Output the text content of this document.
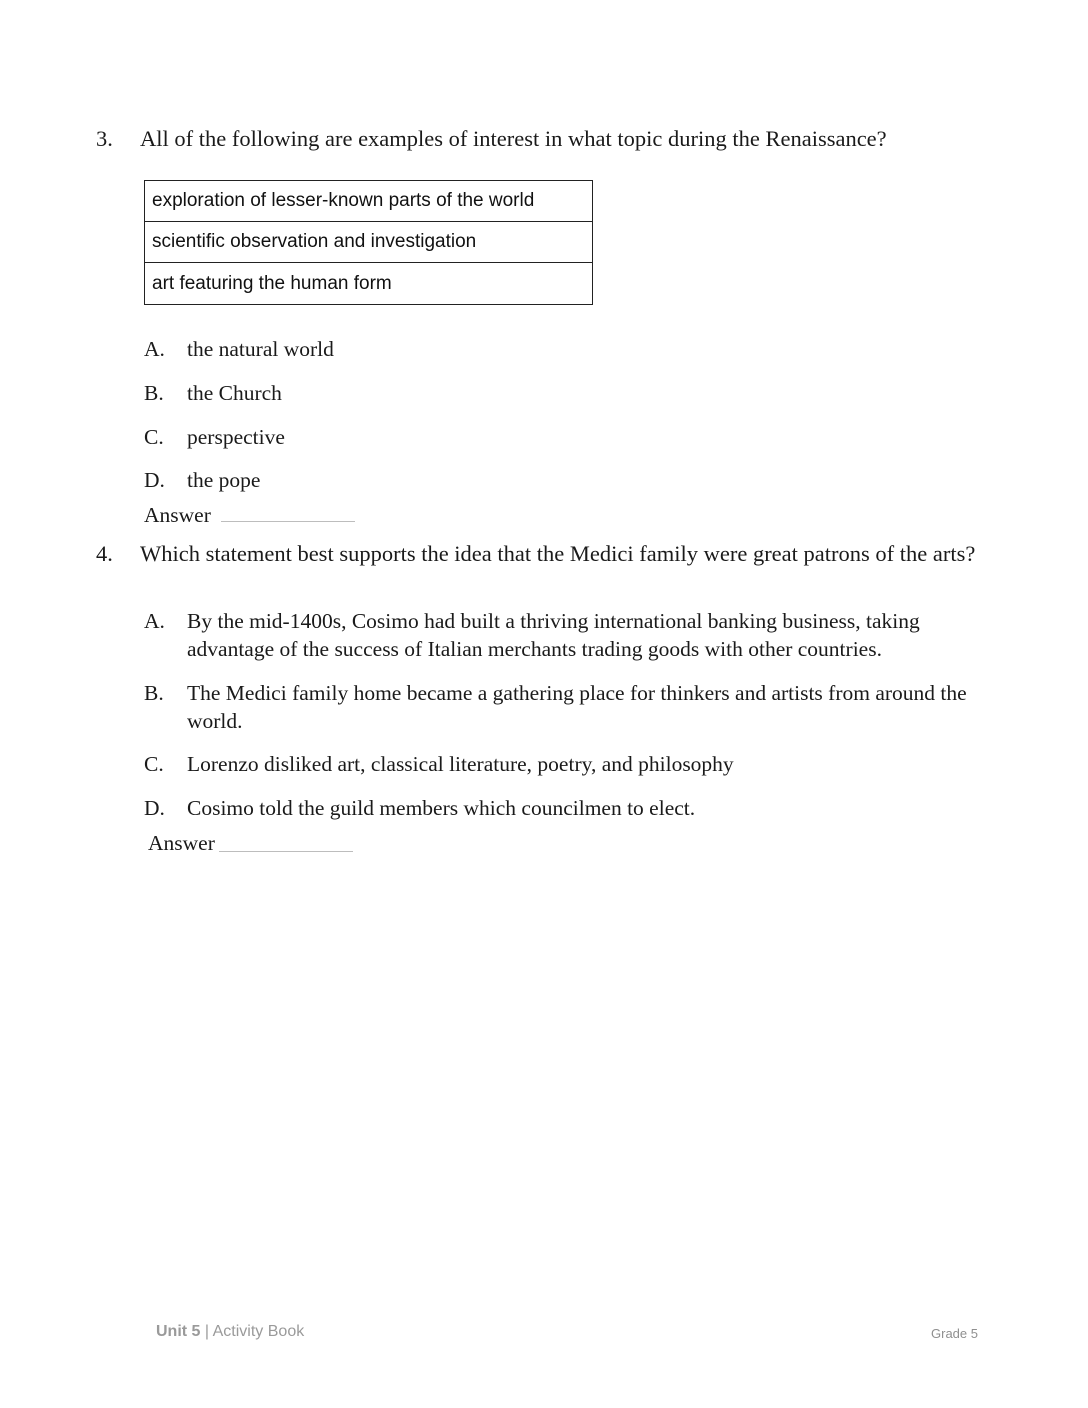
3. All of the following are examples of interest in what topic during the Renaissance?
exploration of lesser-known parts of the world
scientific observation and investigation
art featuring the human form
A. the natural world
B. the Church
C. perspective
D. the pope
Answer
4. Which statement best supports the idea that the Medici family were great patrons of the arts?
A. By the mid-1400s, Cosimo had built a thriving international banking business, taking advantage of the success of Italian merchants trading goods with other countries.
B. The Medici family home became a gathering place for thinkers and artists from around the world.
C. Lorenzo disliked art, classical literature, poetry, and philosophy
D. Cosimo told the guild members which councilmen to elect.
Answer
Unit 5 | Activity Book	Grade 5
